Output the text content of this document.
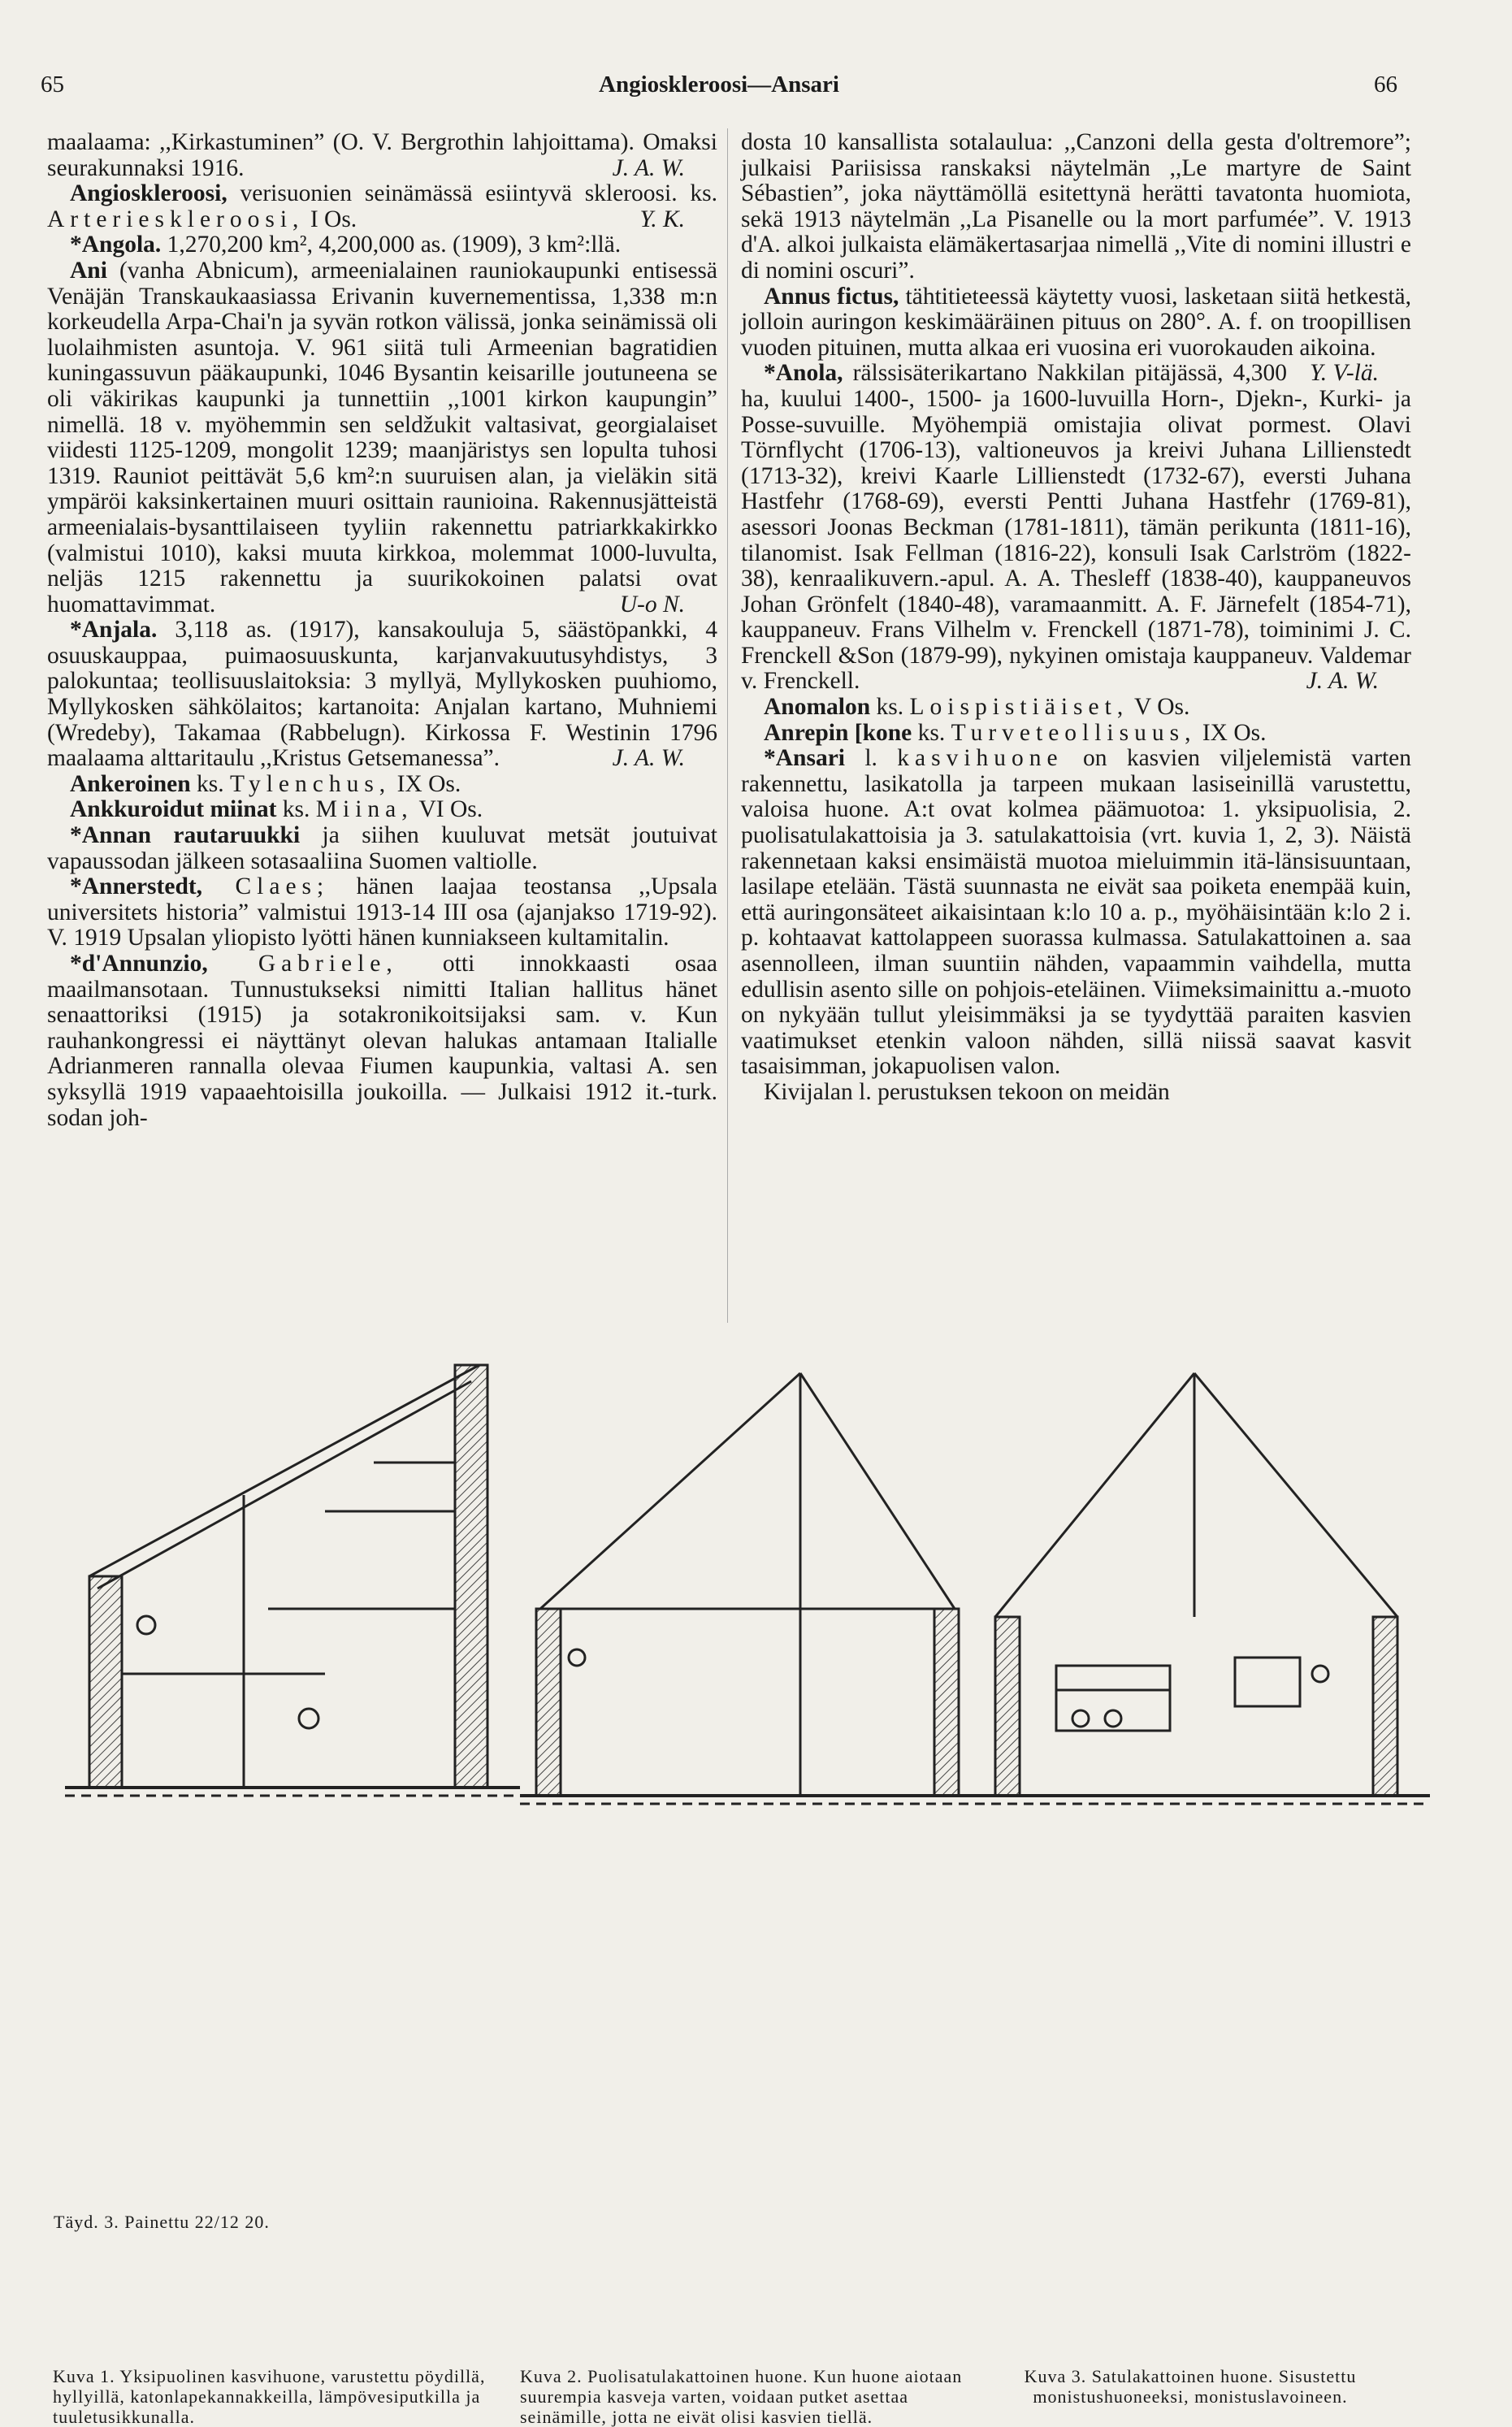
65	Angioskleroosi—Ansari	66

maalaama: ,,Kirkastuminen” (O. V. Bergrothin lahjoittama). Omaksi seurakunnaksi 1916.	J. A. W.

Angioskleroosi, verisuonien seinämässä esiintyvä skleroosi. ks. Arterieskleroosi, I Os.	Y. K.

*Angola. 1,270,200 km², 4,200,000 as. (1909), 3 km²:llä.

Ani (vanha Abnicum), armeenialainen rauniokaupunki entisessä Venäjän Transkaukaasiassa Erivanin kuvernementissa, 1,338 m:n korkeudella Arpa-Chai'n ja syvän rotkon välissä, jonka seinämissä oli luolaihmisten asuntoja. V. 961 siitä tuli Armeenian bagratidien kuningassuvun pääkaupunki, 1046 Bysantin keisarille joutuneena se oli väkirikas kaupunki ja tunnettiin ,,1001 kirkon kaupungin” nimellä. 18 v. myöhemmin sen seldžukit valtasivat, georgialaiset viidesti 1125-1209, mongolit 1239; maanjäristys sen lopulta tuhosi 1319. Rauniot peittävät 5,6 km²:n suuruisen alan, ja vieläkin sitä ympäröi kaksinkertainen muuri osittain raunioina. Rakennusjätteistä armeenialais-bysanttilaiseen tyyliin rakennettu patriarkkakirkko (valmistui 1010), kaksi muuta kirkkoa, molemmat 1000-luvulta, neljäs 1215 rakennettu ja suurikokoinen palatsi ovat huomattavimmat.	U-o N.

*Anjala. 3,118 as. (1917), kansakouluja 5, säästöpankki, 4 osuuskauppaa, puimaosuuskunta, karjanvakuutusyhdistys, 3 palokuntaa; teollisuuslaitoksia: 3 myllyä, Myllykosken puuhiomo, Myllykosken sähkölaitos; kartanoita: Anjalan kartano, Muhniemi (Wredeby), Takamaa (Rabbelugn). Kirkossa F. Westinin 1796 maalaama alttaritaulu ,,Kristus Getsemanessa”.	J. A. W.

Ankeroinen ks. Tylenchus, IX Os.

Ankkuroidut miinat ks. Miina, VI Os.

*Annan rautaruukki ja siihen kuuluvat metsät joutuivat vapaussodan jälkeen sotasaaliina Suomen valtiolle.

*Annerstedt, Claes; hänen laajaa teostansa ,,Upsala universitets historia” valmistui 1913-14 III osa (ajanjakso 1719-92). V. 1919 Upsalan yliopisto lyötti hänen kunniakseen kultamitalin.

*d'Annunzio, Gabriele, otti innokkaasti osaa maailmansotaan. Tunnustukseksi nimitti Italian hallitus hänet senaattoriksi (1915) ja sotakronikoitsijaksi sam. v. Kun rauhankongressi ei näyttänyt olevan halukas antamaan Italialle Adrianmeren rannalla olevaa Fiumen kaupunkia, valtasi A. sen syksyllä 1919 vapaaehtoisilla joukoilla. — Julkaisi 1912 it.-turk. sodan joh-

dosta 10 kansallista sotalaulua: ,,Canzoni della gesta d'oltremore”; julkaisi Pariisissa ranskaksi näytelmän ,,Le martyre de Saint Sébastien”, joka näyttämöllä esitettynä herätti tavatonta huomiota, sekä 1913 näytelmän ,,La Pisanelle ou la mort parfumée”. V. 1913 d'A. alkoi julkaista elämäkertasarjaa nimellä ,,Vite di nomini illustri e di nomini oscuri”.

Annus fictus, tähtitieteessä käytetty vuosi, lasketaan siitä hetkestä, jolloin auringon keskimääräinen pituus on 280°. A. f. on troopillisen vuoden pituinen, mutta alkaa eri vuosina eri vuorokauden aikoina.
Y. V-lä.

*Anola, rälssisäterikartano Nakkilan pitäjässä, 4,300 ha, kuului 1400-, 1500- ja 1600-luvuilla Horn-, Djekn-, Kurki- ja Posse-suvuille. Myöhempiä omistajia olivat pormest. Olavi Törnflycht (1706-13), valtioneuvos ja kreivi Juhana Lillienstedt (1713-32), kreivi Kaarle Lillienstedt (1732-67), eversti Juhana Hastfehr (1768-69), eversti Pentti Juhana Hastfehr (1769-81), asessori Joonas Beckman (1781-1811), tämän perikunta (1811-16), tilanomist. Isak Fellman (1816-22), konsuli Isak Carlström (1822-38), kenraalikuvern.-apul. A. A. Thesleff (1838-40), kauppaneuvos Johan Grönfelt (1840-48), varamaanmitt. A. F. Järnefelt (1854-71), kauppaneuv. Frans Vilhelm v. Frenckell (1871-78), toiminimi J. C. Frenckell &Son (1879-99), nykyinen omistaja kauppaneuv. Valdemar v. Frenckell.	J. A. W.

Anomalon ks. Loispistiäiset, V Os.

Anrepin [kone ks. Turveteollisuus, IX Os.

*Ansari l. kasvihuone on kasvien viljelemistä varten rakennettu, lasikatolla ja tarpeen mukaan lasiseinillä varustettu, valoisa huone. A:t ovat kolmea päämuotoa: 1. yksipuolisia, 2. puolisatulakattoisia ja 3. satulakattoisia (vrt. kuvia 1, 2, 3). Näistä rakennetaan kaksi ensimäistä muotoa mieluimmin itä-länsisuuntaan, lasilape etelään. Tästä suunnasta ne eivät saa poiketa enempää kuin, että auringonsäteet aikaisintaan k:lo 10 a. p., myöhäisintään k:lo 2 i. p. kohtaavat kattolappeen suorassa kulmassa. Satulakattoinen a. saa asennolleen, ilman suuntiin nähden, vapaammin vaihdella, mutta edullisin asento sille on pohjois-eteläinen. Viimeksimainittu a.-muoto on nykyään tullut yleisimmäksi ja se tyydyttää paraiten kasvien vaatimukset etenkin valoon nähden, sillä niissä saavat kasvit tasaisimman, jokapuolisen valon.

Kivijalan l. perustuksen tekoon on meidän

Kuva 1. Yksipuolinen kasvihuone, varustettu pöydillä, hyllyillä, katonlapekannakkeilla, lämpövesiputkilla ja tuuletusikkunalla.
Kuva 2. Puolisatulakattoinen huone. Kun huone aiotaan suurempia kasveja varten, voidaan putket asettaa seinämille, jotta ne eivät olisi kasvien tiellä.
Kuva 3. Satulakattoinen huone. Sisustettu monistushuoneeksi, monistuslavoineen.
Täyd. 3. Painettu 22/12 20.
